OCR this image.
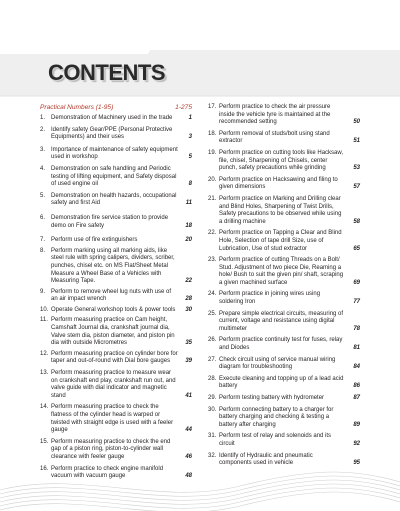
CONTENTS
Practical Numbers (1-95)	1-275
1. Demonstration of Machinery used in the trade	1
2. Identify safety Gear/PPE (Personal Protective Equipments) and their uses	3
3. Importance of maintenance of safety equipment used in workshop	5
4. Demonstration on safe handling and Periodic testing of lifting equipment, and Safety disposal of used engine oil	8
5. Demonstration on health hazards, occupational safety and first Aid	11
6. Demonstration fire service station to provide demo on Fire safety	18
7. Perform use of fire extinguishers	20
8. Perform marking using all marking aids, like steel rule with spring calipers, dividers, scriber, punches, chisel etc. on MS Flat/Sheet Metal Measure a Wheel Base of a Vehicles with Measuring Tape.	22
9. Perform to remove wheel lug nuts with use of an air impact wrench	28
10. Operate General workshop tools & power tools	30
11. Perform measuring practice on Cam height, Camshaft Journal dia, crankshaft journal dia, Valve stem dia, piston diameter, and piston pin dia with outside Micrometres	35
12. Perform measuring practice on cylinder bore for taper and out-of-round with Dial bore gauges	39
13. Perform measuring practice to measure wear on crankshaft end play, crankshaft run out, and valve guide with dial indicator and magnetic stand	41
14. Perform measuring practice to check the flatness of the cylinder head is warped or twisted with straight edge is used with a feeler gauge	44
15. Perform measuring practice to check the end gap of a piston ring, piston-to-cylinder wall clearance with feeler gauge	46
16. Perform practice to check engine manifold vacuum with vacuum gauge	48
17. Perform practice to check the air pressure inside the vehicle tyre is maintained at the recommended setting	50
18. Perform removal of studs/bolt using stand extractor	51
19. Perform practice on cutting tools like Hacksaw, file, chisel, Sharpening of Chisels, center punch, safety precautions while grinding	53
20. Perform practice on Hacksawing and filing to given dimensions	57
21. Perform practice on Marking and Drilling clear and Blind Holes, Sharpening of Twist Drills, Safety precautions to be observed while using a drilling machine	58
22. Perform practice on Tapping a Clear and Blind Hole, Selection of tape drill Size, use of Lubrication, Use of stud extractor	65
23. Perform practice of cutting Threads on a Bolt/ Stud. Adjustment of two piece Die, Reaming a hole/ Bush to suit the given pin/ shaft, scraping a given machined surface	69
24. Perform practice in joining wires using soldering Iron	77
25. Prepare simple electrical circuits, measuring of current, voltage and resistance using digital multimeter	78
26. Perform practice continuity test for fuses, relay and Diodes	81
27. Check circuit using of service manual wiring diagram for troubleshooting	84
28. Execute cleaning and topping up of a lead acid battery	86
29. Perform testing battery with hydrometer	87
30. Perform connecting battery to a charger for battery charging and checking & testing a battery after charging	89
31. Perform test of relay and solenoids and its circuit	92
32. Identify of Hydraulic and pneumatic components used in vehicle	95
